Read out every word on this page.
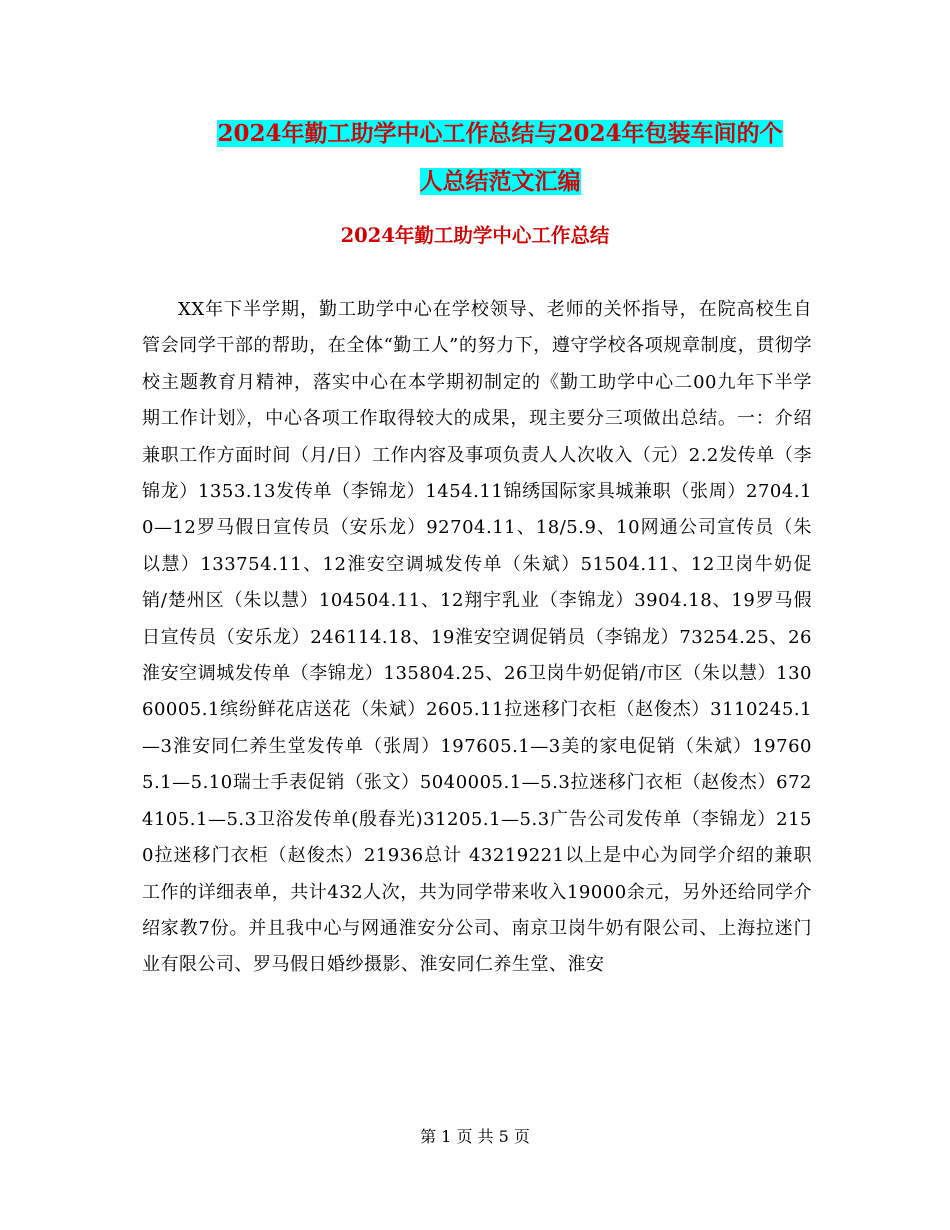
2024年勤工助学中心工作总结与2024年包装车间的个
人总结范文汇编
2024年勤工助学中心工作总结

XX年下半学期，勤工助学中心在学校领导、老师的关怀指导，在院高校生自管会同学干部的帮助，在全体“勤工人”的努力下，遵守学校各项规章制度，贯彻学校主题教育月精神，落实中心在本学期初制定的《勤工助学中心二00九年下半学期工作计划》，中心各项工作取得较大的成果，现主要分三项做出总结。一：介绍兼职工作方面时间（月/日）工作内容及事项负责人人次收入（元）2.2发传单（李锦龙）1353.13发传单（李锦龙）1454.11锦绣国际家具城兼职（张周）2704.10—12罗马假日宣传员（安乐龙）92704.11、18/5.9、10网通公司宣传员（朱以慧）133754.11、12淮安空调城发传单（朱斌）51504.11、12卫岗牛奶促销/楚州区（朱以慧）104504.11、12翔宇乳业（李锦龙）3904.18、19罗马假日宣传员（安乐龙）246114.18、19淮安空调促销员（李锦龙）73254.25、26淮安空调城发传单（李锦龙）135804.25、26卫岗牛奶促销/市区（朱以慧）13060005.1缤纷鲜花店送花（朱斌）2605.11拉迷移门衣柜（赵俊杰）3110245.1—3淮安同仁养生堂发传单（张周）197605.1—3美的家电促销（朱斌）197605.1—5.10瑞士手表促销（张文）5040005.1—5.3拉迷移门衣柜（赵俊杰）6724105.1—5.3卫浴发传单(殷春光)31205.1—5.3广告公司发传单（李锦龙）2150拉迷移门衣柜（赵俊杰）21936总计 43219221以上是中心为同学介绍的兼职工作的详细表单，共计432人次，共为同学带来收入19000余元，另外还给同学介绍家教7份。并且我中心与网通淮安分公司、南京卫岗牛奶有限公司、上海拉迷门业有限公司、罗马假日婚纱摄影、淮安同仁养生堂、淮安

第 1 页 共 5 页
